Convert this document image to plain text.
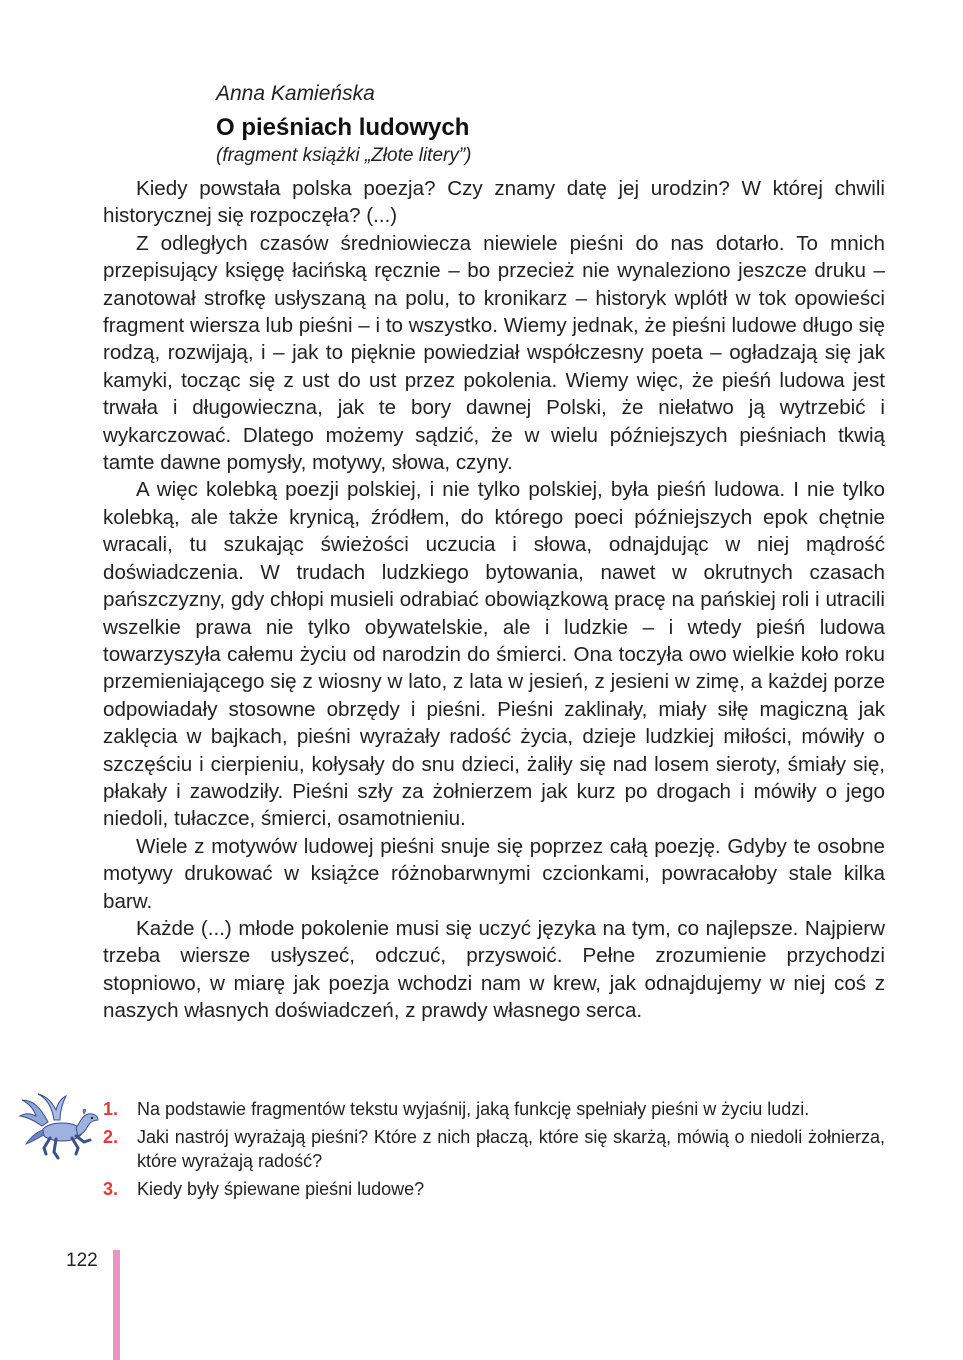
Anna Kamieńska
O pieśniach ludowych
(fragment książki „Złote litery”)

Kiedy powstała polska poezja? Czy znamy datę jej urodzin? W której chwili historycznej się rozpoczęła? (...)

Z odległych czasów średniowiecza niewiele pieśni do nas dotarło. To mnich przepisujący księgę łacińską ręcznie – bo przecież nie wynaleziono jeszcze druku – zanotował strofkę usłyszaną na polu, to kronikarz – historyk wplótł w tok opowieści fragment wiersza lub pieśni – i to wszystko. Wiemy jednak, że pieśni ludowe długo się rodzą, rozwijają, i – jak to pięknie powiedział współczesny poeta – ogładzają się jak kamyki, tocząc się z ust do ust przez pokolenia. Wiemy więc, że pieśń ludowa jest trwała i długowieczna, jak te bory dawnej Polski, że niełatwo ją wytrzebić i wykarczować. Dlatego możemy sądzić, że w wielu późniejszych pieśniach tkwią tamte dawne pomysły, motywy, słowa, czyny.

A więc kolebką poezji polskiej, i nie tylko polskiej, była pieśń ludowa. I nie tylko kolebką, ale także krynicą, źródłem, do którego poeci późniejszych epok chętnie wracali, tu szukając świeżości uczucia i słowa, odnajdując w niej mądrość doświadczenia. W trudach ludzkiego bytowania, nawet w okrutnych czasach pańszczyzny, gdy chłopi musieli odrabiać obowiązkową pracę na pańskiej roli i utracili wszelkie prawa nie tylko obywatelskie, ale i ludzkie – i wtedy pieśń ludowa towarzyszyła całemu życiu od narodzin do śmierci. Ona toczyła owo wielkie koło roku przemieniającego się z wiosny w lato, z lata w jesień, z jesieni w zimę, a każdej porze odpowiadały stosowne obrzędy i pieśni. Pieśni zaklinały, miały siłę magiczną jak zaklęcia w bajkach, pieśni wyrażały radość życia, dzieje ludzkiej miłości, mówiły o szczęściu i cierpieniu, kołysały do snu dzieci, żaliły się nad losem sieroty, śmiały się, płakały i zawodziły. Pieśni szły za żołnierzem jak kurz po drogach i mówiły o jego niedoli, tułaczce, śmierci, osamotnieniu.

Wiele z motywów ludowej pieśni snuje się poprzez całą poezję. Gdyby te osobne motywy drukować w książce różnobarwnymi czcionkami, powracałoby stale kilka barw.

Każde (...) młode pokolenie musi się uczyć języka na tym, co najlepsze. Najpierw trzeba wiersze usłyszeć, odczuć, przyswoić. Pełne zrozumienie przychodzi stopniowo, w miarę jak poezja wchodzi nam w krew, jak odnajdujemy w niej coś z naszych własnych doświadczeń, z prawdy własnego serca.

1. Na podstawie fragmentów tekstu wyjaśnij, jaką funkcję spełniały pieśni w życiu ludzi.
2. Jaki nastrój wyrażają pieśni? Które z nich płaczą, które się skarżą, mówią o niedoli żołnierza, które wyrażają radość?
3. Kiedy były śpiewane pieśni ludowe?
122
